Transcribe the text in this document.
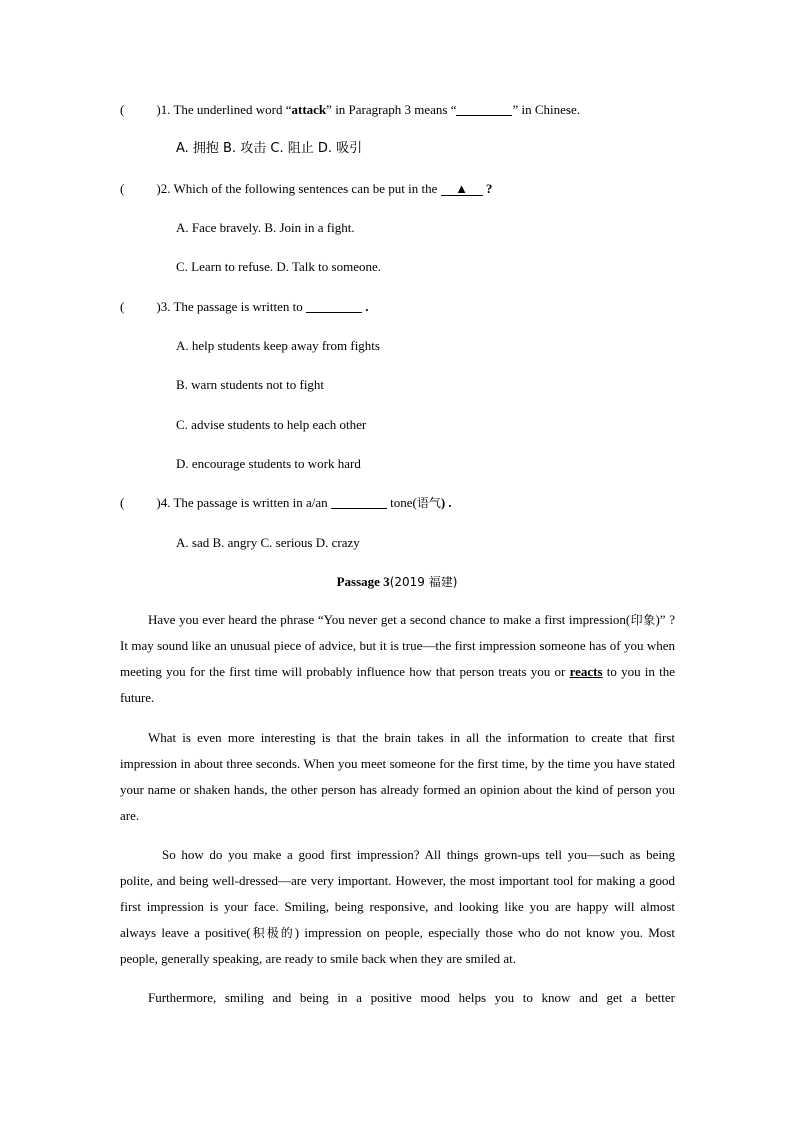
( )1. The underlined word “attack” in Paragraph 3 means “	” in Chinese.
A. 拥抱 B. 攻击 C. 阻止 D. 吸引
( )2. Which of the following sentences can be put in the ▲ ?
A. Face bravely. B. Join in a fight.
C. Learn to refuse. D. Talk to someone.
( )3. The passage is written to	.
A. help students keep away from fights
B. warn students not to fight
C. advise students to help each other
D. encourage students to work hard
( )4. The passage is written in a/an	tone(语气) .
A. sad B. angry C. serious D. crazy
Passage 3(2019 福建)

Have you ever heard the phrase “You never get a second chance to make a first impression(印象)” ? It may sound like an unusual piece of advice, but it is true—the first impression someone has of you when meeting you for the first time will probably influence how that person treats you or reacts to you in the future.

What is even more interesting is that the brain takes in all the information to create that first impression in about three seconds. When you meet someone for the first time, by the time you have stated your name or shaken hands, the other person has already formed an opinion about the kind of person you are.

So how do you make a good first impression? All things grown-ups tell you—such as being polite, and being well-dressed—are very important. However, the most important tool for making a good first impression is your face. Smiling, being responsive, and looking like you are happy will almost always leave a positive(积极的) impression on people, especially those who do not know you. Most people, generally speaking, are ready to smile back when they are smiled at.

Furthermore, smiling and being in a positive mood helps you to know and get a better
